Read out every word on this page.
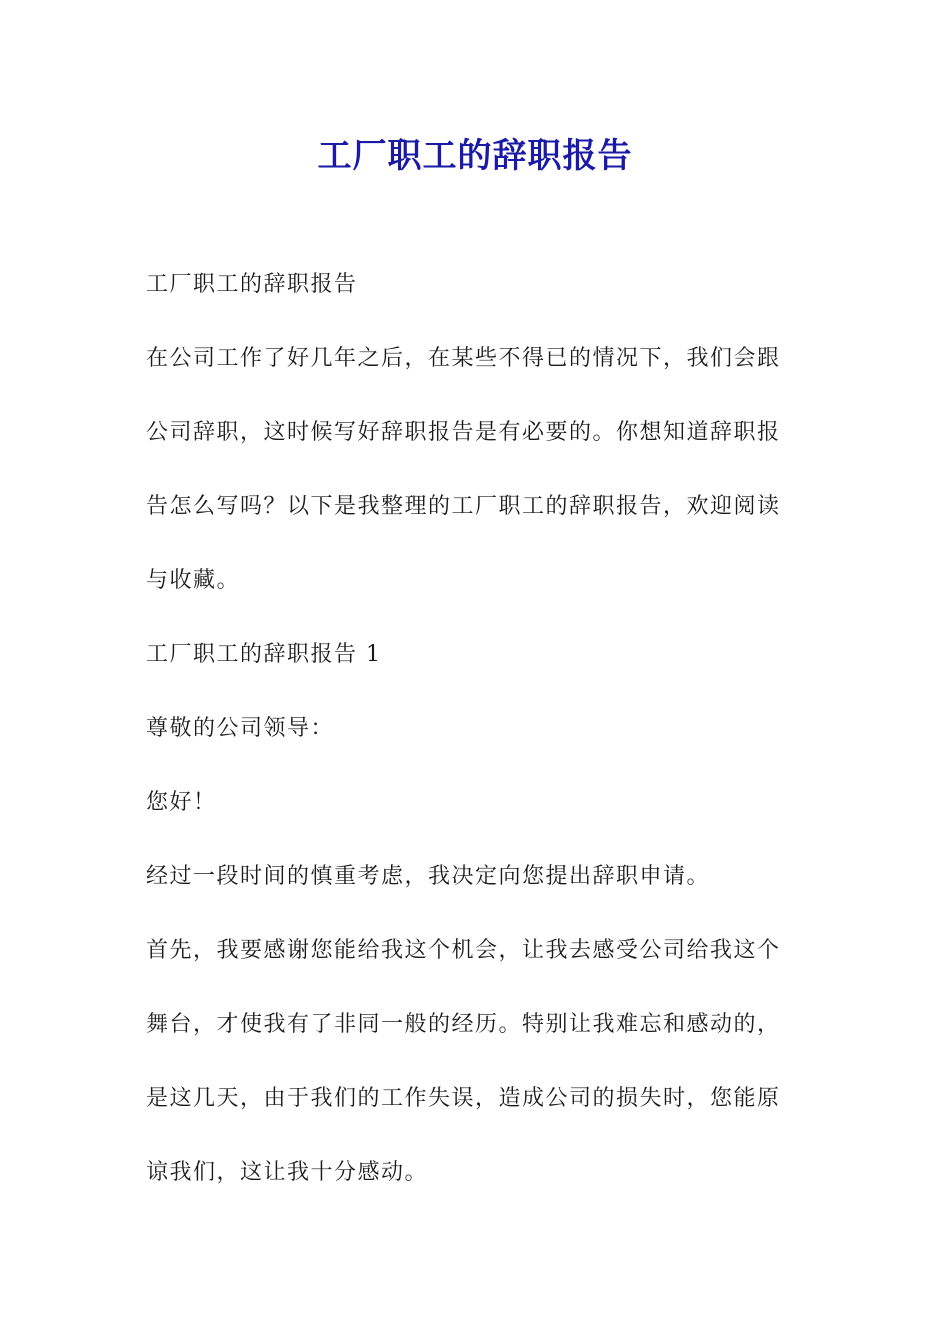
工厂职工的辞职报告

工厂职工的辞职报告

在公司工作了好几年之后，在某些不得已的情况下，我们会跟

公司辞职，这时候写好辞职报告是有必要的。你想知道辞职报

告怎么写吗？以下是我整理的工厂职工的辞职报告，欢迎阅读

与收藏。

工厂职工的辞职报告 1

尊敬的公司领导：

您好！

经过一段时间的慎重考虑，我决定向您提出辞职申请。

首先，我要感谢您能给我这个机会，让我去感受公司给我这个

舞台，才使我有了非同一般的经历。特别让我难忘和感动的，

是这几天，由于我们的工作失误，造成公司的损失时，您能原

谅我们，这让我十分感动。
